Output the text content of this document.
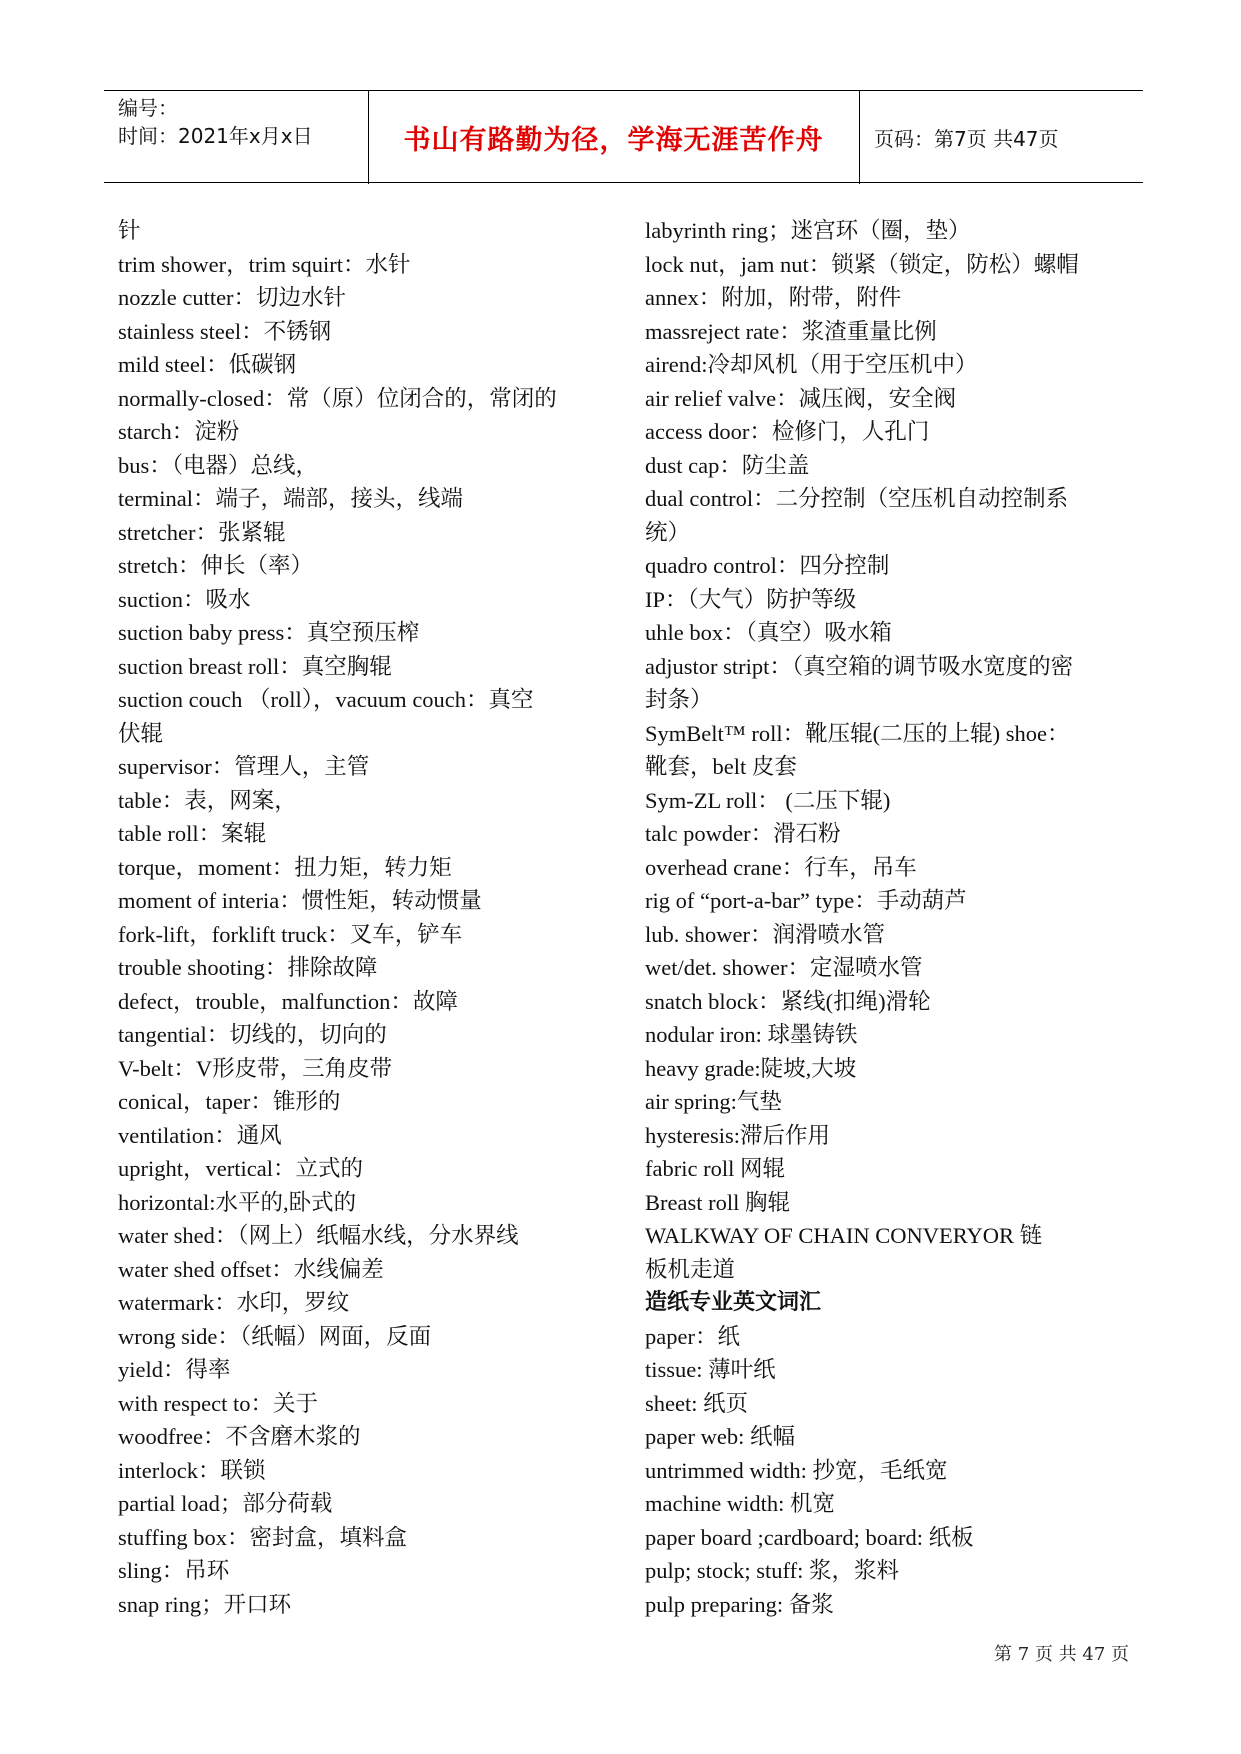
编号：
时间：2021年x月x日	书山有路勤为径，学海无涯苦作舟	页码：第7页 共47页
针
trim shower，trim squirt：水针
nozzle cutter：切边水针
stainless steel：不锈钢
mild steel：低碳钢
normally-closed：常（原）位闭合的，常闭的
starch：淀粉
bus：（电器）总线，
terminal：端子，端部，接头，线端
stretcher：张紧辊
stretch：伸长（率）
suction：吸水
suction baby press：真空预压榨
suction breast roll：真空胸辊
suction couch （roll），vacuum couch：真空
伏辊
supervisor：管理人，主管
table：表，网案，
table roll：案辊
torque，moment：扭力矩，转力矩
moment of interia：惯性矩，转动惯量
fork-lift，forklift truck：叉车，铲车
trouble shooting：排除故障
defect，trouble，malfunction：故障
tangential：切线的，切向的
V-belt：V形皮带，三角皮带
conical，taper：锥形的
ventilation：通风
upright，vertical：立式的
horizontal:水平的,卧式的
water shed：（网上）纸幅水线，分水界线
water shed offset：水线偏差
watermark：水印，罗纹
wrong side：（纸幅）网面，反面
yield：得率
with respect to：关于
woodfree：不含磨木浆的
interlock：联锁
partial load；部分荷载
stuffing box：密封盒，填料盒
sling：吊环
snap ring；开口环
labyrinth ring；迷宫环（圈，垫）
lock nut，jam nut：锁紧（锁定，防松）螺帽
annex：附加，附带，附件
massreject rate：浆渣重量比例
airend:冷却风机（用于空压机中）
air relief valve：减压阀，安全阀
access door：检修门，人孔门
dust cap：防尘盖
dual control：二分控制（空压机自动控制系
统）
quadro control：四分控制
IP：（大气）防护等级
uhle box：（真空）吸水箱
adjustor stript：（真空箱的调节吸水宽度的密
封条）
SymBelt™ roll：靴压辊(二压的上辊) shoe：
靴套，belt 皮套
Sym-ZL roll： (二压下辊)
talc powder：滑石粉
overhead crane：行车，吊车
rig of “port-a-bar” type：手动葫芦
lub. shower：润滑喷水管
wet/det. shower：定湿喷水管
snatch block：紧线(扣绳)滑轮
nodular iron: 球墨铸铁
heavy grade:陡坡,大坡
air spring:气垫
hysteresis:滞后作用
fabric roll 网辊
Breast roll 胸辊
WALKWAY OF CHAIN CONVERYOR 链
板机走道
造纸专业英文词汇
paper：纸
tissue: 薄叶纸
sheet: 纸页
paper web: 纸幅
untrimmed width: 抄宽，毛纸宽
machine width: 机宽
paper board ;cardboard; board: 纸板
pulp; stock; stuff: 浆，浆料
pulp preparing: 备浆
第 7 页 共 47 页
